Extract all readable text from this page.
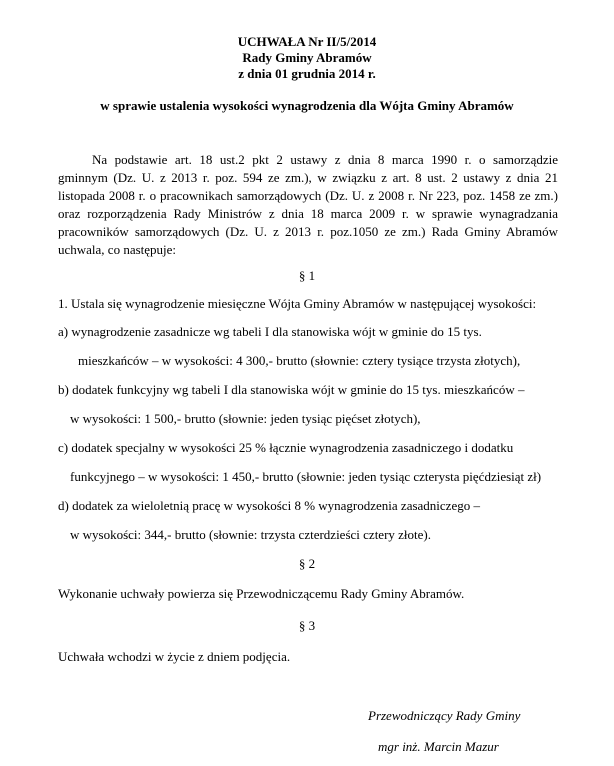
UCHWAŁA Nr II/5/2014
Rady Gminy Abramów
z dnia 01 grudnia 2014 r.
w sprawie ustalenia wysokości wynagrodzenia dla Wójta Gminy Abramów
Na podstawie art. 18 ust.2 pkt 2 ustawy z dnia 8 marca 1990 r. o samorządzie
gminnym (Dz. U. z 2013 r. poz. 594 ze zm.), w związku z art. 8 ust. 2 ustawy z dnia 21
listopada 2008 r. o pracownikach samorządowych (Dz. U. z 2008 r. Nr 223, poz. 1458 ze zm.)
oraz rozporządzenia Rady Ministrów z dnia 18 marca 2009 r. w sprawie wynagradzania
pracowników samorządowych (Dz. U. z 2013 r. poz.1050 ze zm.) Rada Gminy Abramów
uchwala, co następuje:
§ 1
1. Ustala się wynagrodzenie miesięczne Wójta Gminy Abramów w następującej wysokości:
a) wynagrodzenie zasadnicze wg tabeli I dla stanowiska wójt w gminie do 15 tys.
mieszkańców – w wysokości: 4 300,- brutto (słownie: cztery tysiące trzysta złotych),
b) dodatek funkcyjny wg tabeli I dla stanowiska wójt w gminie do 15 tys. mieszkańców –
w wysokości: 1 500,- brutto (słownie: jeden tysiąc pięćset złotych),
c) dodatek specjalny w wysokości 25 % łącznie wynagrodzenia zasadniczego i dodatku
funkcyjnego – w wysokości: 1 450,- brutto (słownie: jeden tysiąc czterysta pięćdziesiąt zł)
d) dodatek za wieloletnią pracę w wysokości 8 % wynagrodzenia zasadniczego –
w wysokości: 344,- brutto (słownie: trzysta czterdzieści cztery złote).
§ 2
Wykonanie uchwały powierza się Przewodniczącemu Rady Gminy Abramów.
§ 3
Uchwała wchodzi w życie z dniem podjęcia.
Przewodniczący Rady Gminy
mgr inż. Marcin Mazur
